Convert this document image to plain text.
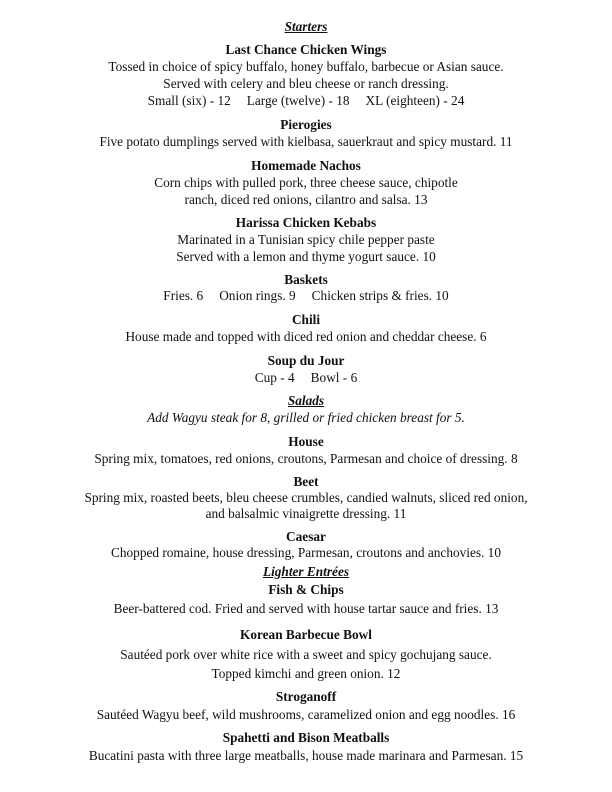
Starters
Last Chance Chicken Wings
Tossed in choice of spicy buffalo, honey buffalo, barbecue or Asian sauce.
Served with celery and bleu cheese or ranch dressing.
Small (six) - 12 Large (twelve) - 18 XL (eighteen) - 24
Pierogies
Five potato dumplings served with kielbasa, sauerkraut and spicy mustard. 11
Homemade Nachos
Corn chips with pulled pork, three cheese sauce, chipotle
ranch, diced red onions, cilantro and salsa. 13
Harissa Chicken Kebabs
Marinated in a Tunisian spicy chile pepper paste
Served with a lemon and thyme yogurt sauce. 10
Baskets
Fries. 6 Onion rings. 9 Chicken strips & fries. 10
Chili
House made and topped with diced red onion and cheddar cheese. 6
Soup du Jour
Cup - 4 Bowl - 6
Salads
Add Wagyu steak for 8, grilled or fried chicken breast for 5.
House
Spring mix, tomatoes, red onions, croutons, Parmesan and choice of dressing. 8
Beet
Spring mix, roasted beets, bleu cheese crumbles, candied walnuts, sliced red onion,
and balsalmic vinaigrette dressing. 11
Caesar
Chopped romaine, house dressing, Parmesan, croutons and anchovies. 10
Lighter Entrées
Fish & Chips
Beer-battered cod. Fried and served with house tartar sauce and fries. 13
Korean Barbecue Bowl
Sautéed pork over white rice with a sweet and spicy gochujang sauce.
Topped kimchi and green onion. 12
Stroganoff
Sautéed Wagyu beef, wild mushrooms, caramelized onion and egg noodles. 16
Spahetti and Bison Meatballs
Bucatini pasta with three large meatballs, house made marinara and Parmesan. 15
